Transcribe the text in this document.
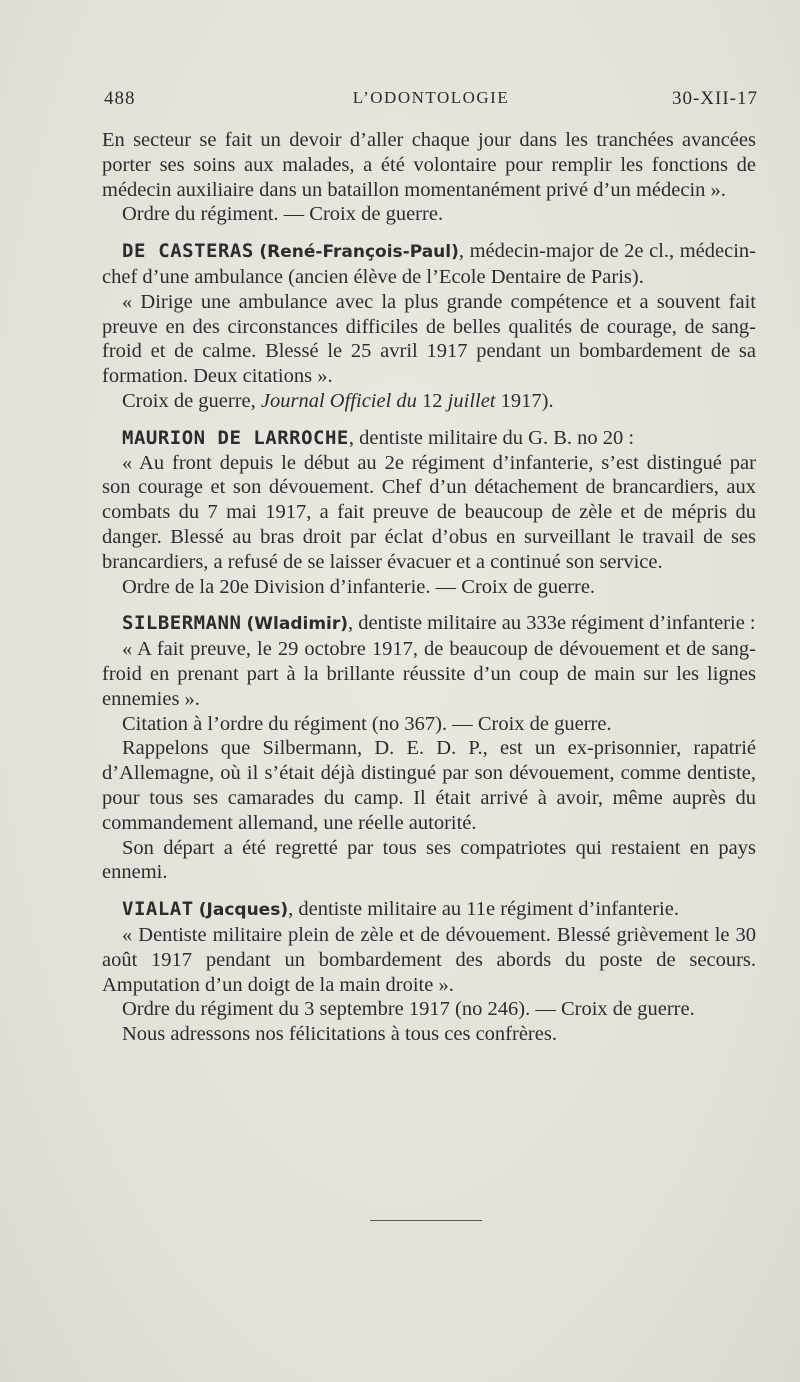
488	L’ODONTOLOGIE	30-XII-17

En secteur se fait un devoir d’aller chaque jour dans les tranchées avancées porter ses soins aux malades, a été volontaire pour remplir les fonctions de médecin auxiliaire dans un bataillon momentanément privé d’un médecin ».

Ordre du régiment. — Croix de guerre.

DE CASTERAS (René-François-Paul), médecin-major de 2e cl., médecin-chef d’une ambulance (ancien élève de l’Ecole Dentaire de Paris).

« Dirige une ambulance avec la plus grande compétence et a souvent fait preuve en des circonstances difficiles de belles qualités de courage, de sang-froid et de calme. Blessé le 25 avril 1917 pendant un bombardement de sa formation. Deux citations ».

Croix de guerre, Journal Officiel du 12 juillet 1917).

MAURION DE LARROCHE, dentiste militaire du G. B. no 20 :

« Au front depuis le début au 2e régiment d’infanterie, s’est distingué par son courage et son dévouement. Chef d’un détachement de brancardiers, aux combats du 7 mai 1917, a fait preuve de beaucoup de zèle et de mépris du danger. Blessé au bras droit par éclat d’obus en surveillant le travail de ses brancardiers, a refusé de se laisser évacuer et a continué son service.

Ordre de la 20e Division d’infanterie. — Croix de guerre.

SILBERMANN (Wladimir), dentiste militaire au 333e régiment d’infanterie :

« A fait preuve, le 29 octobre 1917, de beaucoup de dévouement et de sang-froid en prenant part à la brillante réussite d’un coup de main sur les lignes ennemies ».

Citation à l’ordre du régiment (no 367). — Croix de guerre.

Rappelons que Silbermann, D. E. D. P., est un ex-prisonnier, rapatrié d’Allemagne, où il s’était déjà distingué par son dévouement, comme dentiste, pour tous ses camarades du camp. Il était arrivé à avoir, même auprès du commandement allemand, une réelle autorité.

Son départ a été regretté par tous ses compatriotes qui restaient en pays ennemi.

VIALAT (Jacques), dentiste militaire au 11e régiment d’infanterie.

« Dentiste militaire plein de zèle et de dévouement. Blessé grièvement le 30 août 1917 pendant un bombardement des abords du poste de secours. Amputation d’un doigt de la main droite ».

Ordre du régiment du 3 septembre 1917 (no 246). — Croix de guerre.

Nous adressons nos félicitations à tous ces confrères.
